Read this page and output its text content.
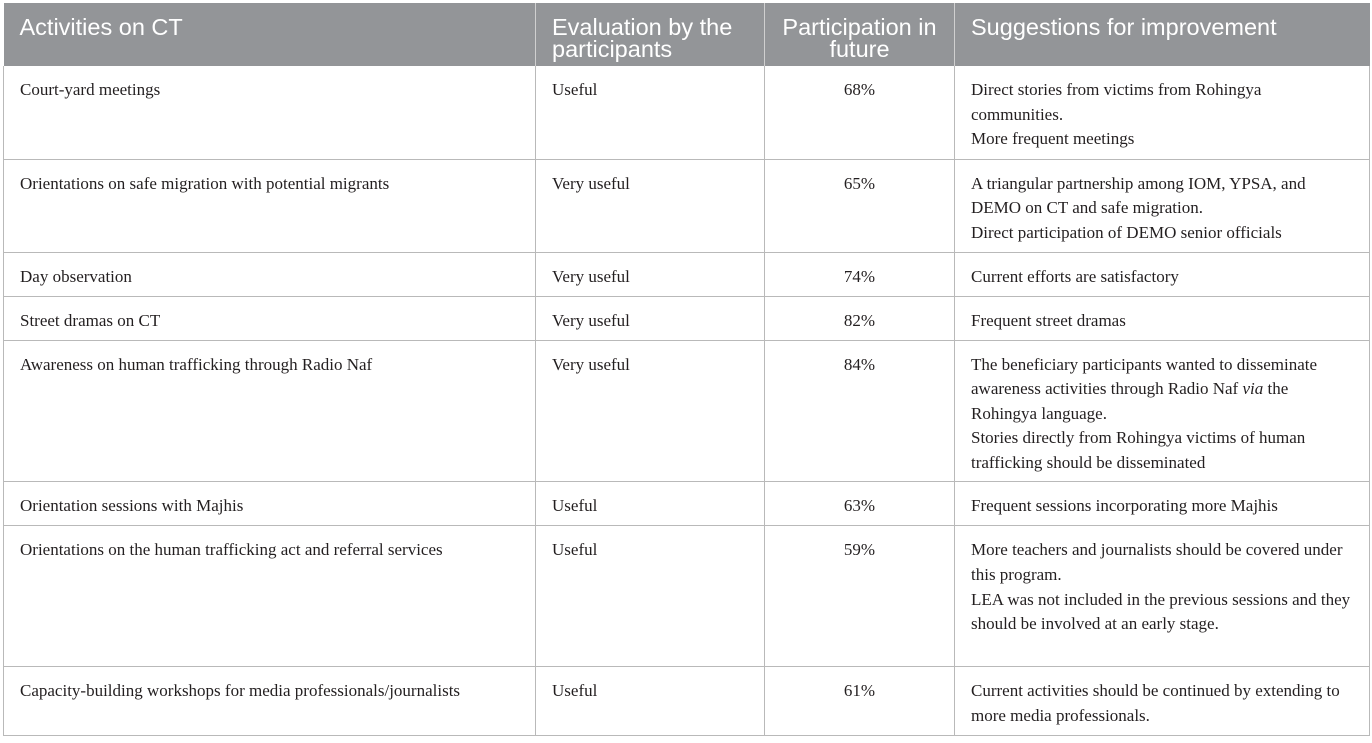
Activities on CT	Evaluation by the participants	Participation in future	Suggestions for improvement
Court-yard meetings	Useful	68%	Direct stories from victims from Rohingya communities.
More frequent meetings

Orientations on safe migration with potential migrants	Very useful	65%	A triangular partnership among IOM, YPSA, and DEMO on CT and safe migration.
Direct participation of DEMO senior officials

Day observation	Very useful	74%	Current efforts are satisfactory

Street dramas on CT	Very useful	82%	Frequent street dramas

Awareness on human trafficking through Radio Naf	Very useful	84%	The beneficiary participants wanted to disseminate awareness activities through Radio Naf via the Rohingya language.
Stories directly from Rohingya victims of human trafficking should be disseminated

Orientation sessions with Majhis	Useful	63%	Frequent sessions incorporating more Majhis

Orientations on the human trafficking act and referral services	Useful	59%	More teachers and journalists should be covered under this program.
LEA was not included in the previous sessions and they should be involved at an early stage.

Capacity-building workshops for media professionals/journalists	Useful	61%	Current activities should be continued by extending to more media professionals.
